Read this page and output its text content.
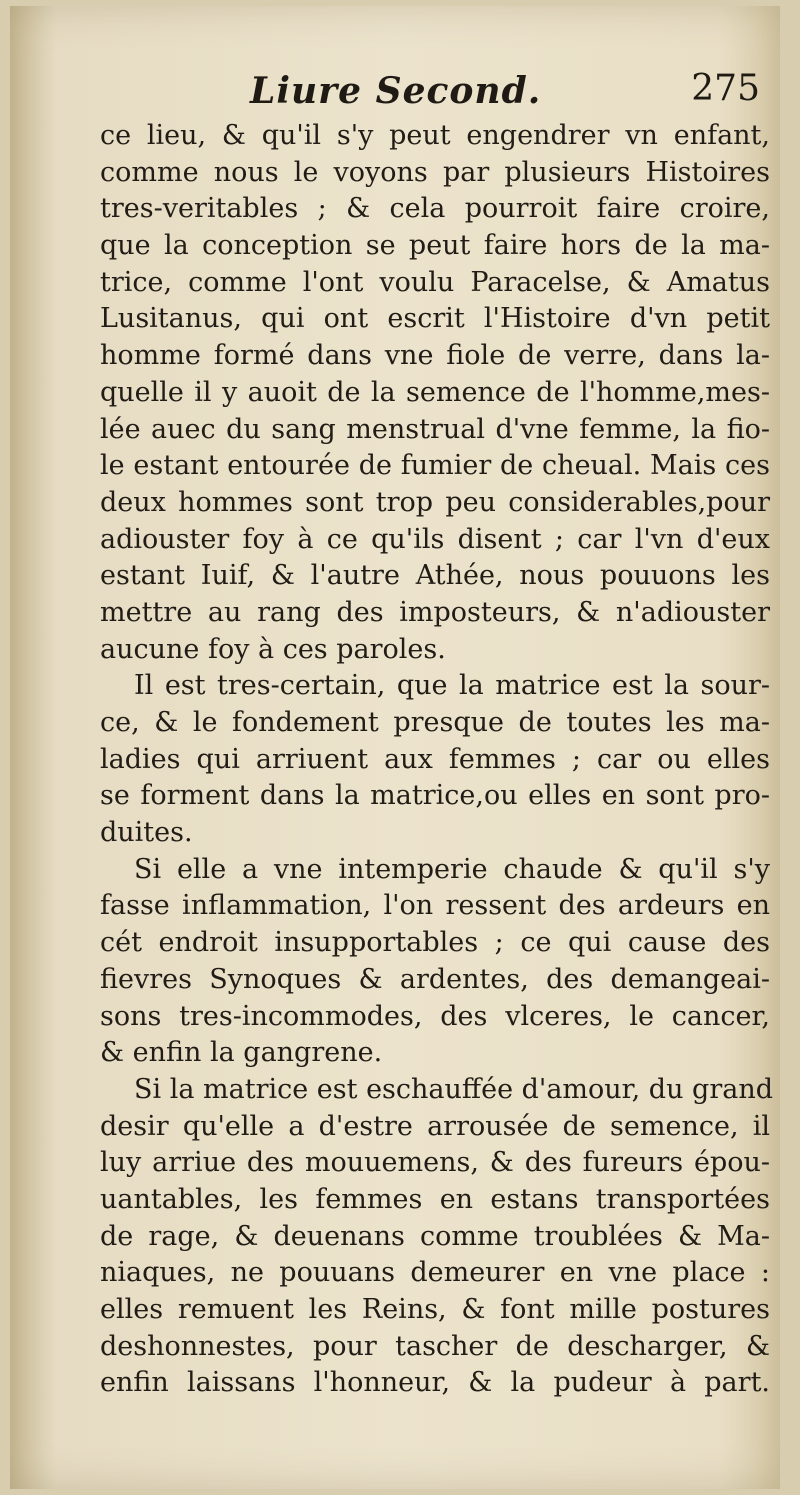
Liure Second.	275
ce lieu, & qu'il s'y peut engendrer vn enfant,
comme nous le voyons par plusieurs Histoires
tres-veritables ; & cela pourroit faire croire,
que la conception se peut faire hors de la ma-
trice, comme l'ont voulu Paracelse, & Amatus
Lusitanus, qui ont escrit l'Histoire d'vn petit
homme formé dans vne fiole de verre, dans la-
quelle il y auoit de la semence de l'homme,mes-
lée auec du sang menstrual d'vne femme, la fio-
le estant entourée de fumier de cheual. Mais ces
deux hommes sont trop peu considerables,pour
adiouster foy à ce qu'ils disent ; car l'vn d'eux
estant Iuif, & l'autre Athée, nous pouuons les
mettre au rang des imposteurs, & n'adiouster
aucune foy à ces paroles.
Il est tres-certain, que la matrice est la sour-
ce, & le fondement presque de toutes les ma-
ladies qui arriuent aux femmes ; car ou elles
se forment dans la matrice,ou elles en sont pro-
duites.
Si elle a vne intemperie chaude & qu'il s'y
fasse inflammation, l'on ressent des ardeurs en
cét endroit insupportables ; ce qui cause des
fievres Synoques & ardentes, des demangeai-
sons tres-incommodes, des vlceres, le cancer,
& enfin la gangrene.
Si la matrice est eschauffée d'amour, du grand
desir qu'elle a d'estre arrousée de semence, il
luy arriue des mouuemens, & des fureurs épou-
uantables, les femmes en estans transportées
de rage, & deuenans comme troublées & Ma-
niaques, ne pouuans demeurer en vne place :
elles remuent les Reins, & font mille postures
deshonnestes, pour tascher de descharger, &
enfin laissans l'honneur, & la pudeur à part.
